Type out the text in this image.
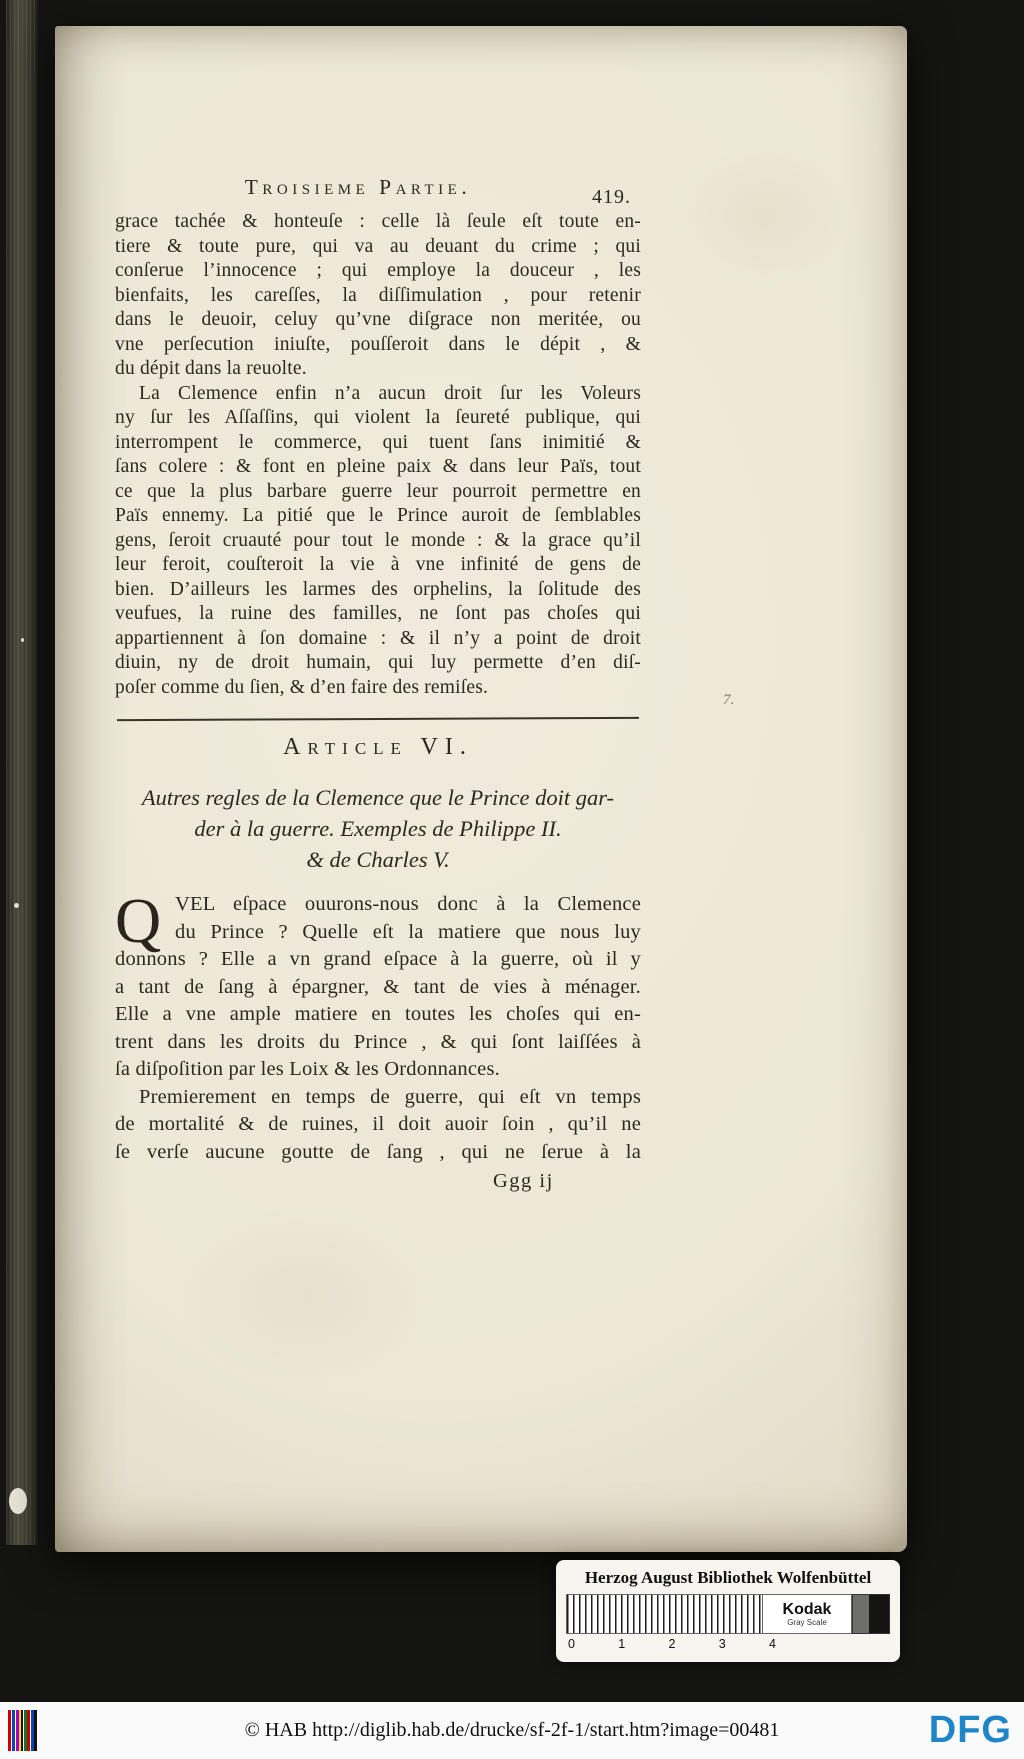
7.
Troisieme Partie.	419.
grace tachée & honteuſe : celle là ſeule eſt toute en-
tiere & toute pure, qui va au deuant du crime ; qui
conſerue l’innocence ; qui employe la douceur , les
bienfaits, les careſſes, la diſſimulation , pour retenir
dans le deuoir, celuy qu’vne diſgrace non meritée, ou
vne perſecution iniuſte, pouſſeroit dans le dépit , &
du dépit dans la reuolte.
La Clemence enfin n’a aucun droit ſur les Voleurs
ny ſur les Aſſaſſins, qui violent la ſeureté publique, qui
interrompent le commerce, qui tuent ſans inimitié &
ſans colere : & font en pleine paix & dans leur Païs, tout
ce que la plus barbare guerre leur pourroit permettre en
Païs ennemy. La pitié que le Prince auroit de ſemblables
gens, ſeroit cruauté pour tout le monde : & la grace qu’il
leur feroit, couſteroit la vie à vne infinité de gens de
bien. D’ailleurs les larmes des orphelins, la ſolitude des
veufues, la ruine des familles, ne ſont pas choſes qui
appartiennent à ſon domaine : & il n’y a point de droit
diuin, ny de droit humain, qui luy permette d’en diſ-
poſer comme du ſien, & d’en faire des remiſes.
Article VI.
Autres regles de la Clemence que le Prince doit gar-
der à la guerre. Exemples de Philippe II.
& de Charles V.
Q VEL eſpace ouurons-nous donc à la Clemence
du Prince ? Quelle eſt la matiere que nous luy
donnons ? Elle a vn grand eſpace à la guerre, où il y
a tant de ſang à épargner, & tant de vies à ménager.
Elle a vne ample matiere en toutes les choſes qui en-
trent dans les droits du Prince , & qui ſont laiſſées à
ſa diſpoſition par les Loix & les Ordonnances.
Premierement en temps de guerre, qui eſt vn temps
de mortalité & de ruines, il doit auoir ſoin , qu’il ne
ſe verſe aucune goutte de ſang , qui ne ſerue à la
Ggg ij
Herzog August Bibliothek Wolfenbüttel
Kodak
Gray Scale
0	1	2	3	4
© HAB http://diglib.hab.de/drucke/sf-2f-1/start.htm?image=00481	DFG
